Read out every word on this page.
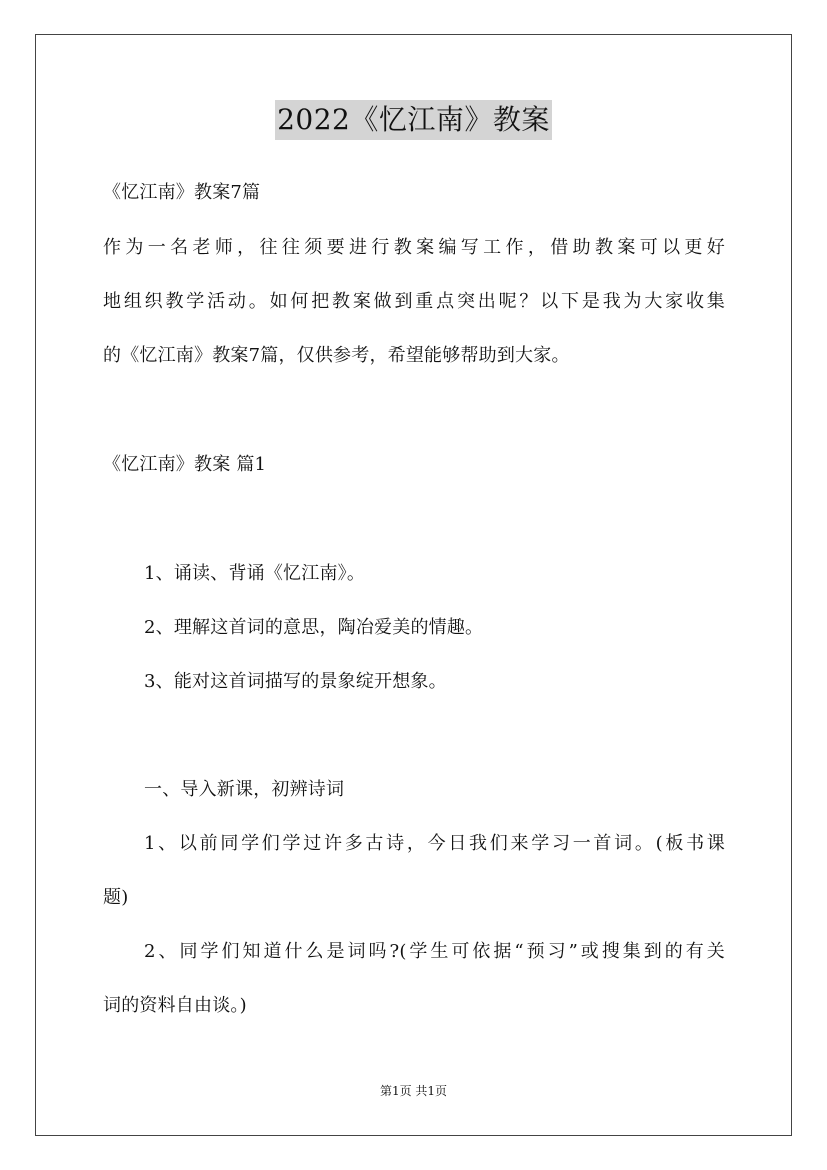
2022《忆江南》教案
《忆江南》教案7篇
作为一名老师，往往须要进行教案编写工作，借助教案可以更好
地组织教学活动。如何把教案做到重点突出呢？以下是我为大家收集
的《忆江南》教案7篇，仅供参考，希望能够帮助到大家。
《忆江南》教案 篇1
1、诵读、背诵《忆江南》。
2、理解这首词的意思，陶冶爱美的情趣。
3、能对这首词描写的景象绽开想象。
一、导入新课，初辨诗词
1、以前同学们学过许多古诗，今日我们来学习一首词。(板书课
题)
2、同学们知道什么是词吗?(学生可依据“预习”或搜集到的有关
词的资料自由谈。)
第1页 共1页
